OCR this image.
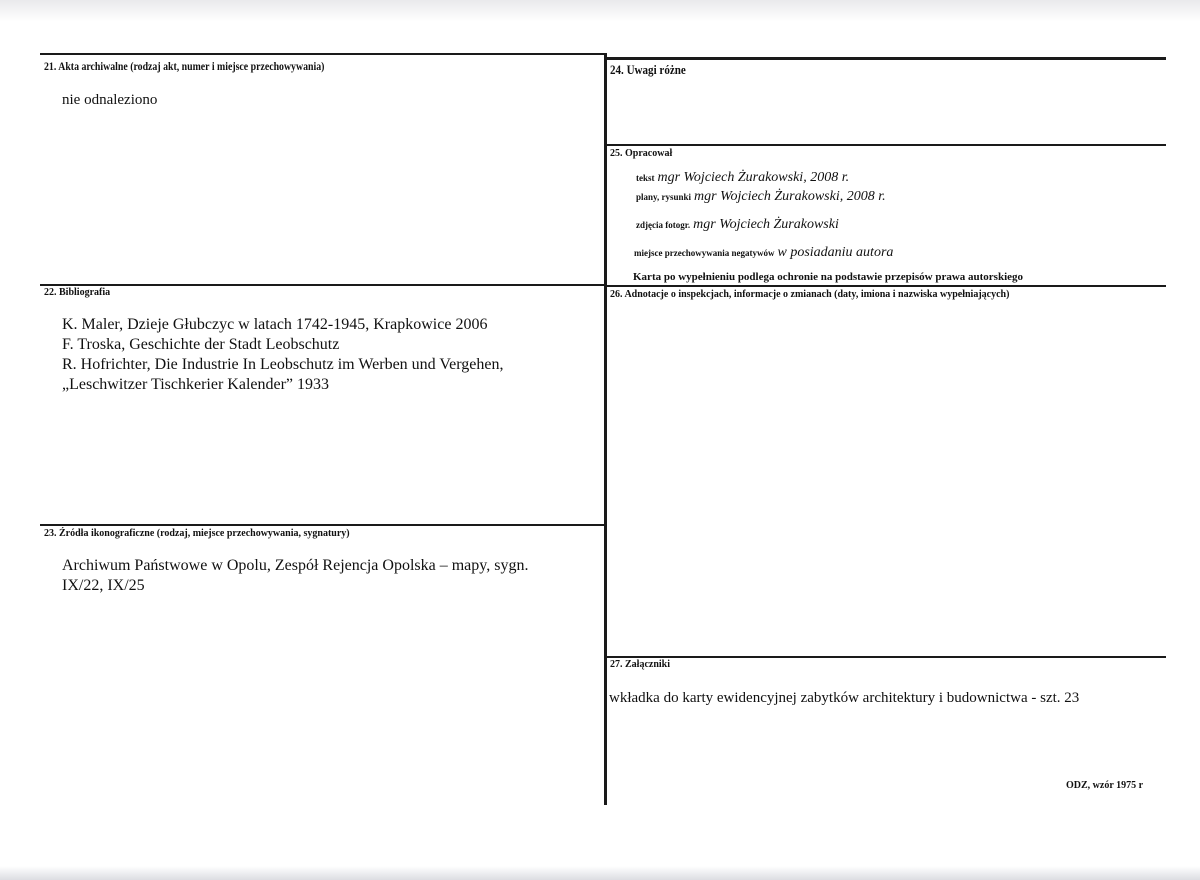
21. Akta archiwalne (rodzaj akt, numer i miejsce przechowywania)
nie odnaleziono
24. Uwagi różne
25. Opracował
tekst mgr Wojciech Żurakowski, 2008 r.
plany, rysunki mgr Wojciech Żurakowski, 2008 r.
zdjęcia fotogr. mgr Wojciech Żurakowski
miejsce przechowywania negatywów w posiadaniu autora
Karta po wypełnieniu podlega ochronie na podstawie przepisów prawa autorskiego
22. Bibliografia
K. Maler, Dzieje Głubczyc w latach 1742-1945, Krapkowice 2006
F. Troska, Geschichte der Stadt Leobschutz
R. Hofrichter, Die Industrie In Leobschutz im Werben und Vergehen,
„Leschwitzer Tischkerier Kalender” 1933
26. Adnotacje o inspekcjach, informacje o zmianach (daty, imiona i nazwiska wypełniających)
23. Źródła ikonograficzne (rodzaj, miejsce przechowywania, sygnatury)
Archiwum Państwowe w Opolu, Zespół Rejencja Opolska – mapy, sygn.
IX/22, IX/25
27. Załączniki
wkładka do karty ewidencyjnej zabytków architektury i budownictwa - szt. 23
ODZ, wzór 1975 r
